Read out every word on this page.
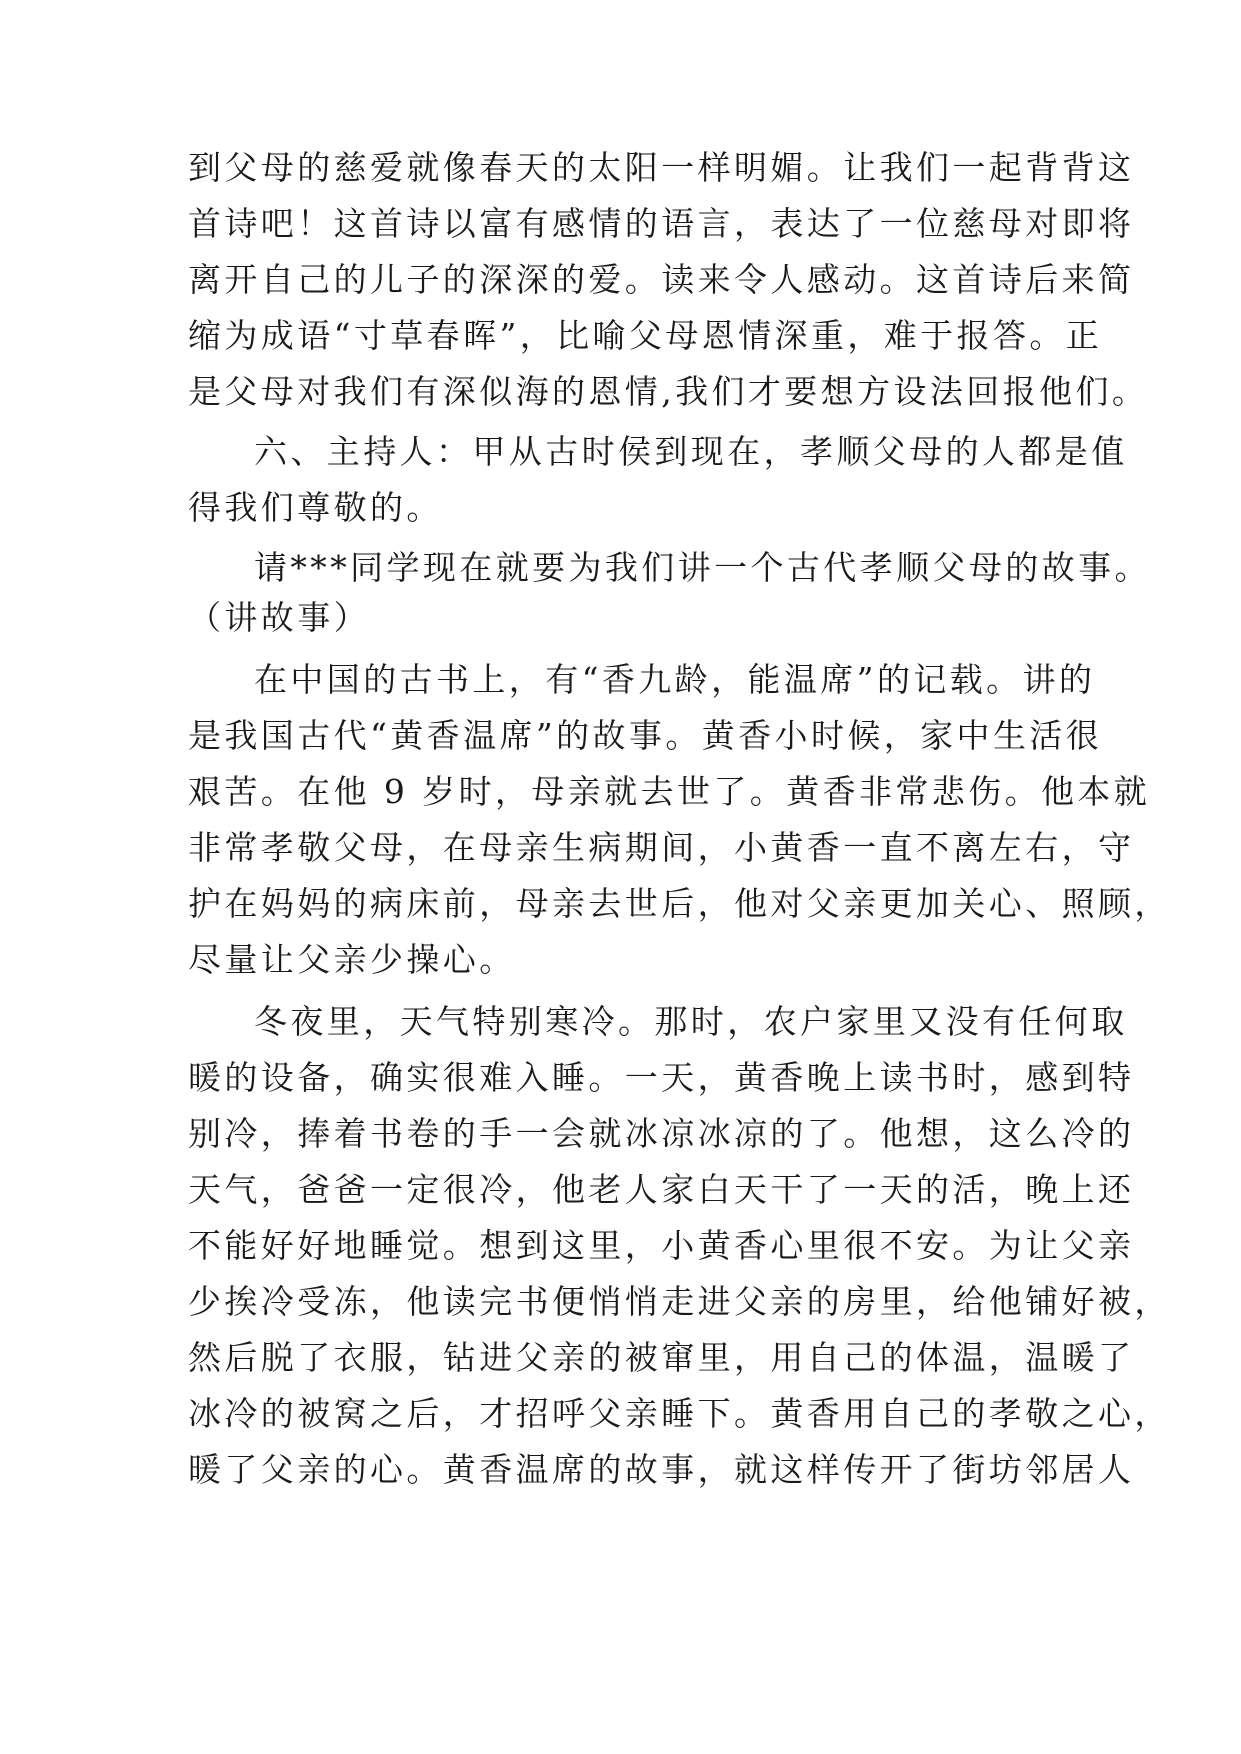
到父母的慈爱就像春天的太阳一样明媚。让我们一起背背这
首诗吧！这首诗以富有感情的语言，表达了一位慈母对即将
离开自己的儿子的深深的爱。读来令人感动。这首诗后来简
缩为成语“寸草春晖”，比喻父母恩情深重，难于报答。正
是父母对我们有深似海的恩情,我们才要想方设法回报他们。
六、主持人：甲从古时侯到现在，孝顺父母的人都是值
得我们尊敬的。
请***同学现在就要为我们讲一个古代孝顺父母的故事。
（讲故事）
在中国的古书上，有“香九龄，能温席”的记载。讲的
是我国古代“黄香温席”的故事。黄香小时候，家中生活很
艰苦。在他 9 岁时，母亲就去世了。黄香非常悲伤。他本就
非常孝敬父母，在母亲生病期间，小黄香一直不离左右，守
护在妈妈的病床前，母亲去世后，他对父亲更加关心、照顾，
尽量让父亲少操心。
冬夜里，天气特别寒冷。那时，农户家里又没有任何取
暖的设备，确实很难入睡。一天，黄香晚上读书时，感到特
别冷，捧着书卷的手一会就冰凉冰凉的了。他想，这么冷的
天气，爸爸一定很冷，他老人家白天干了一天的活，晚上还
不能好好地睡觉。想到这里，小黄香心里很不安。为让父亲
少挨冷受冻，他读完书便悄悄走进父亲的房里，给他铺好被，
然后脱了衣服，钻进父亲的被窜里，用自己的体温，温暖了
冰冷的被窝之后，才招呼父亲睡下。黄香用自己的孝敬之心，
暖了父亲的心。黄香温席的故事，就这样传开了街坊邻居人
